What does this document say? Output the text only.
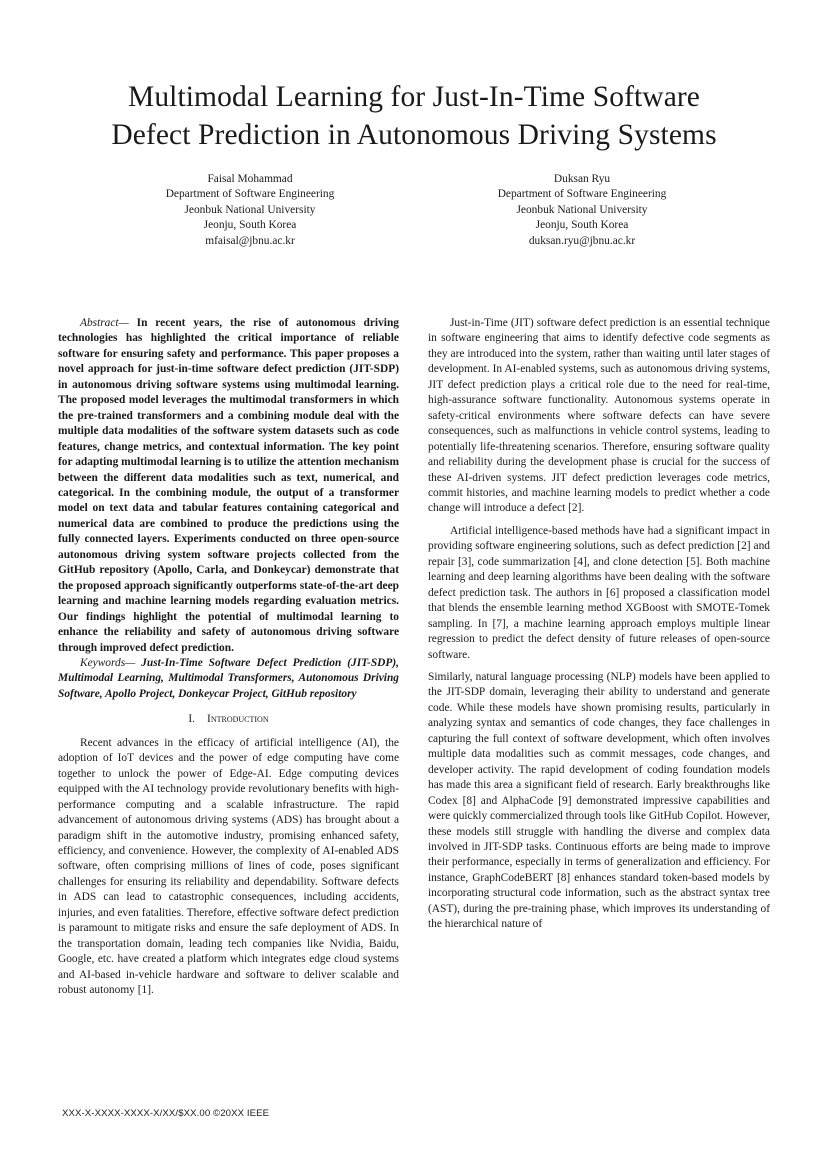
Multimodal Learning for Just-In-Time Software
Defect Prediction in Autonomous Driving Systems
Faisal Mohammad
Department of Software Engineering
Jeonbuk National University
Jeonju, South Korea
mfaisal@jbnu.ac.kr
Duksan Ryu
Department of Software Engineering
Jeonbuk National University
Jeonju, South Korea
duksan.ryu@jbnu.ac.kr

Abstract— In recent years, the rise of autonomous driving technologies has highlighted the critical importance of reliable software for ensuring safety and performance. This paper proposes a novel approach for just-in-time software defect prediction (JIT-SDP) in autonomous driving software systems using multimodal learning. The proposed model leverages the multimodal transformers in which the pre-trained transformers and a combining module deal with the multiple data modalities of the software system datasets such as code features, change metrics, and contextual information. The key point for adapting multimodal learning is to utilize the attention mechanism between the different data modalities such as text, numerical, and categorical. In the combining module, the output of a transformer model on text data and tabular features containing categorical and numerical data are combined to produce the predictions using the fully connected layers. Experiments conducted on three open-source autonomous driving system software projects collected from the GitHub repository (Apollo, Carla, and Donkeycar) demonstrate that the proposed approach significantly outperforms state-of-the-art deep learning and machine learning models regarding evaluation metrics. Our findings highlight the potential of multimodal learning to enhance the reliability and safety of autonomous driving software through improved defect prediction.

Keywords— Just-In-Time Software Defect Prediction (JIT-SDP), Multimodal Learning, Multimodal Transformers, Autonomous Driving Software, Apollo Project, Donkeycar Project, GitHub repository

I. Introduction

Recent advances in the efficacy of artificial intelligence (AI), the adoption of IoT devices and the power of edge computing have come together to unlock the power of Edge-AI. Edge computing devices equipped with the AI technology provide revolutionary benefits with high-performance computing and a scalable infrastructure. The rapid advancement of autonomous driving systems (ADS) has brought about a paradigm shift in the automotive industry, promising enhanced safety, efficiency, and convenience. However, the complexity of AI-enabled ADS software, often comprising millions of lines of code, poses significant challenges for ensuring its reliability and dependability. Software defects in ADS can lead to catastrophic consequences, including accidents, injuries, and even fatalities. Therefore, effective software defect prediction is paramount to mitigate risks and ensure the safe deployment of ADS. In the transportation domain, leading tech companies like Nvidia, Baidu, Google, etc. have created a platform which integrates edge cloud systems and AI-based in-vehicle hardware and software to deliver scalable and robust autonomy [1].

Just-in-Time (JIT) software defect prediction is an essential technique in software engineering that aims to identify defective code segments as they are introduced into the system, rather than waiting until later stages of development. In AI-enabled systems, such as autonomous driving systems, JIT defect prediction plays a critical role due to the need for real-time, high-assurance software functionality. Autonomous systems operate in safety-critical environments where software defects can have severe consequences, such as malfunctions in vehicle control systems, leading to potentially life-threatening scenarios. Therefore, ensuring software quality and reliability during the development phase is crucial for the success of these AI-driven systems. JIT defect prediction leverages code metrics, commit histories, and machine learning models to predict whether a code change will introduce a defect [2].

Artificial intelligence-based methods have had a significant impact in providing software engineering solutions, such as defect prediction [2] and repair [3], code summarization [4], and clone detection [5]. Both machine learning and deep learning algorithms have been dealing with the software defect prediction task. The authors in [6] proposed a classification model that blends the ensemble learning method XGBoost with SMOTE-Tomek sampling. In [7], a machine learning approach employs multiple linear regression to predict the defect density of future releases of open-source software.

Similarly, natural language processing (NLP) models have been applied to the JIT-SDP domain, leveraging their ability to understand and generate code. While these models have shown promising results, particularly in analyzing syntax and semantics of code changes, they face challenges in capturing the full context of software development, which often involves multiple data modalities such as commit messages, code changes, and developer activity. The rapid development of coding foundation models has made this area a significant field of research. Early breakthroughs like Codex [8] and AlphaCode [9] demonstrated impressive capabilities and were quickly commercialized through tools like GitHub Copilot. However, these models still struggle with handling the diverse and complex data involved in JIT-SDP tasks. Continuous efforts are being made to improve their performance, especially in terms of generalization and efficiency. For instance, GraphCodeBERT [8] enhances standard token-based models by incorporating structural code information, such as the abstract syntax tree (AST), during the pre-training phase, which improves its understanding of the hierarchical nature of

XXX-X-XXXX-XXXX-X/XX/$XX.00 ©20XX IEEE
